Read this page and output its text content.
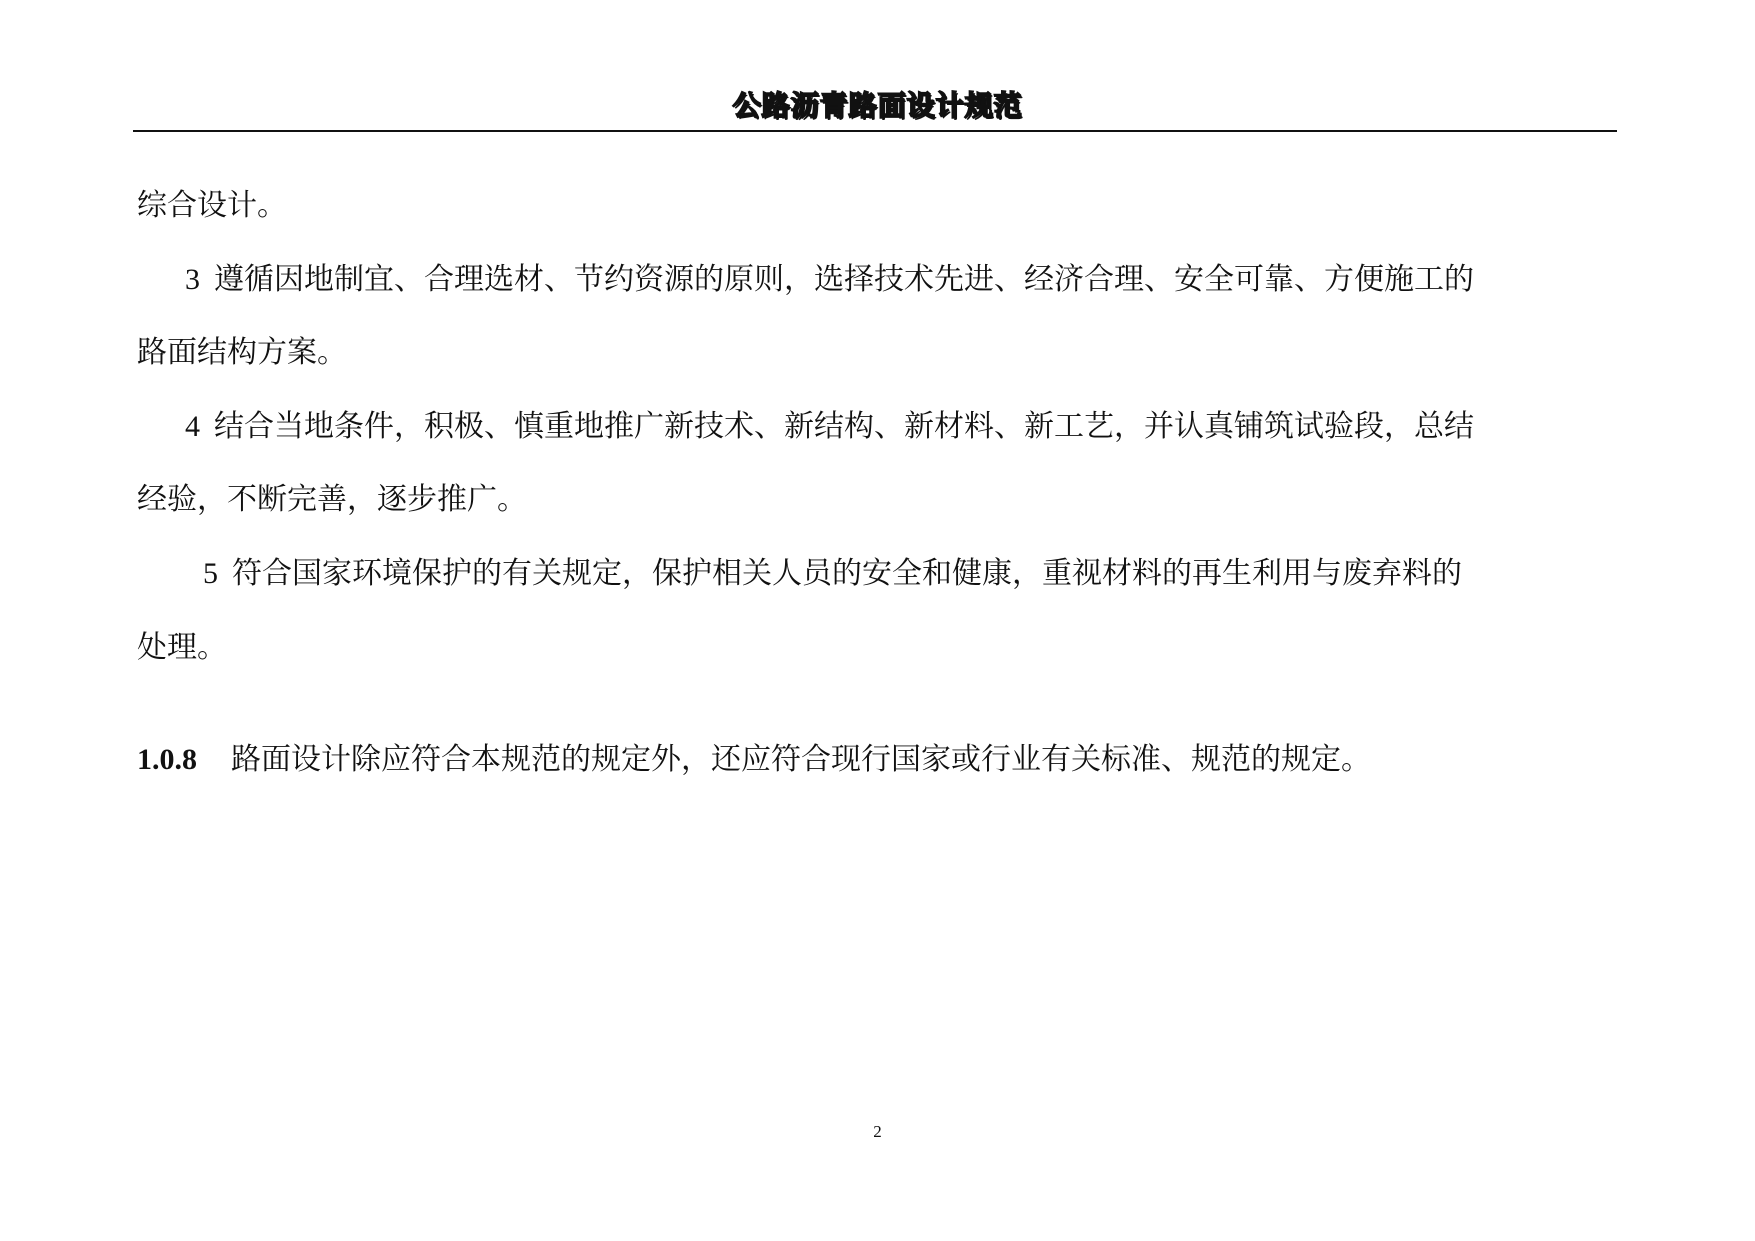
公路沥青路面设计规范
综合设计。
3 遵循因地制宜、合理选材、节约资源的原则，选择技术先进、经济合理、安全可靠、方便施工的
路面结构方案。
4 结合当地条件，积极、慎重地推广新技术、新结构、新材料、新工艺，并认真铺筑试验段，总结
经验，不断完善，逐步推广。
5 符合国家环境保护的有关规定，保护相关人员的安全和健康，重视材料的再生利用与废弃料的
处理。
1.0.8 路面设计除应符合本规范的规定外，还应符合现行国家或行业有关标准、规范的规定。
2
